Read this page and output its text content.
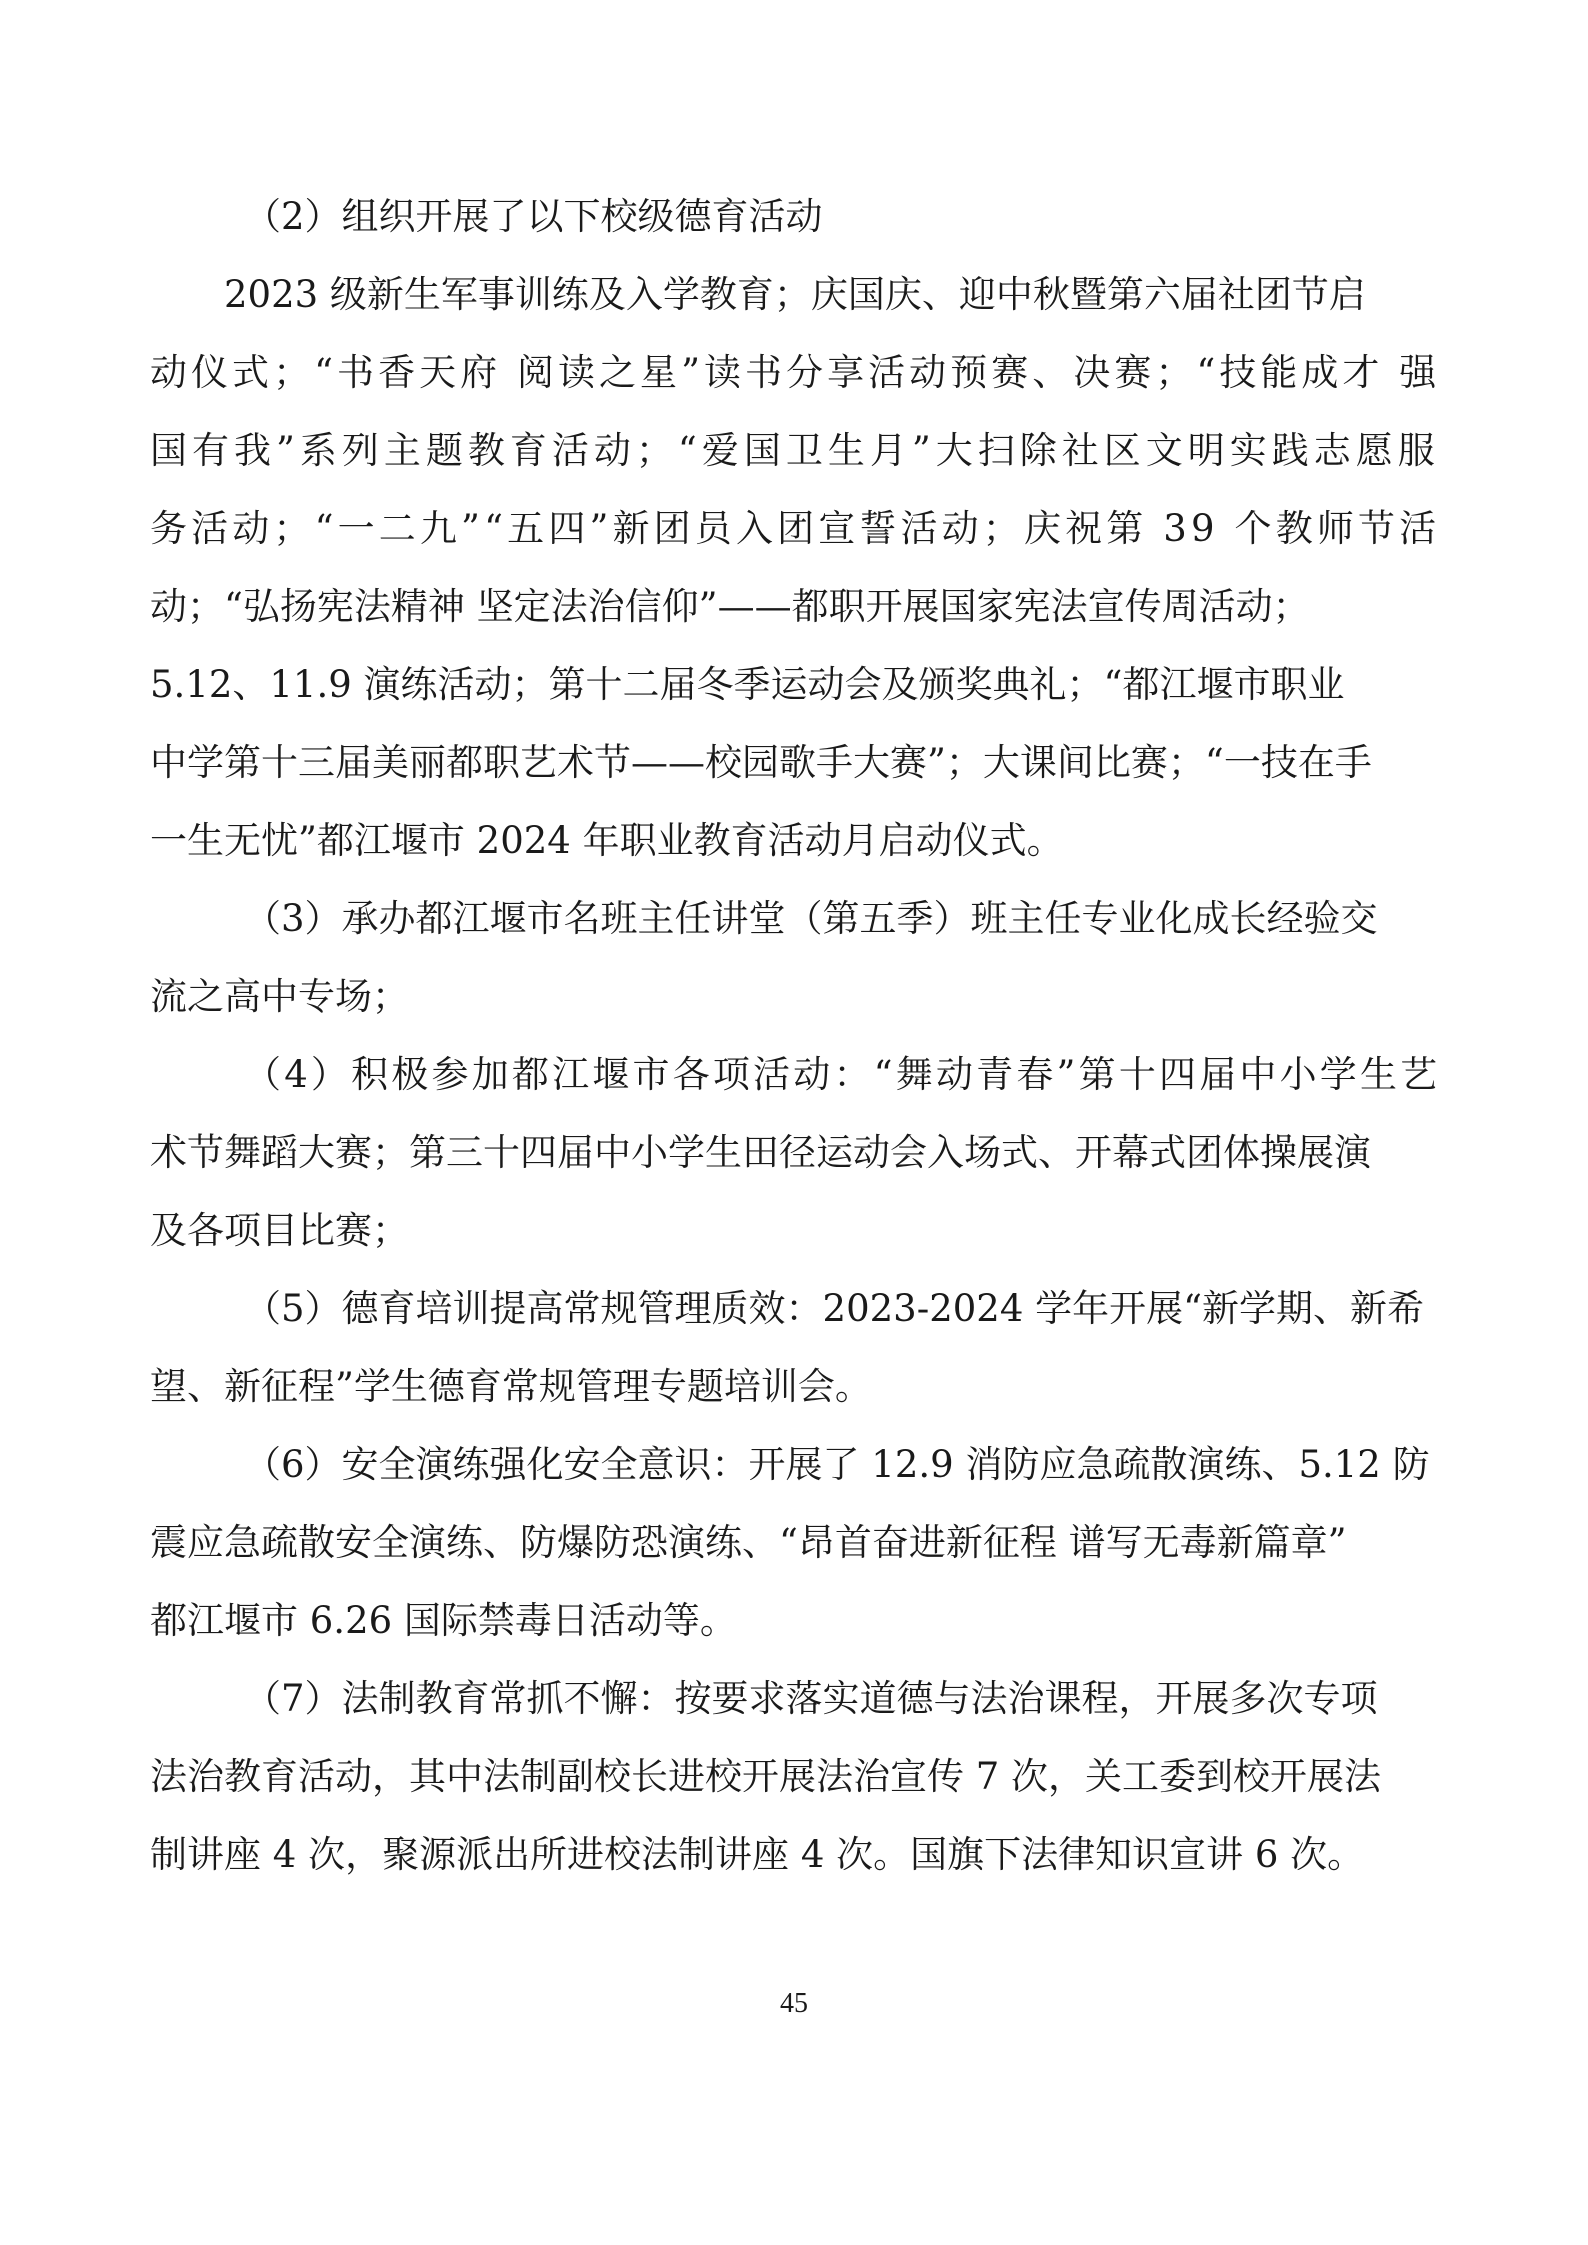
（2）组织开展了以下校级德育活动
2023 级新生军事训练及入学教育；庆国庆、迎中秋暨第六届社团节启
动仪式；“书香天府 阅读之星”读书分享活动预赛、决赛；“技能成才 强
国有我”系列主题教育活动；“爱国卫生月”大扫除社区文明实践志愿服
务活动；“一二九”“五四”新团员入团宣誓活动；庆祝第 39 个教师节活
动；“弘扬宪法精神 坚定法治信仰”——都职开展国家宪法宣传周活动；
5.12、11.9 演练活动；第十二届冬季运动会及颁奖典礼；“都江堰市职业
中学第十三届美丽都职艺术节——校园歌手大赛”；大课间比赛；“一技在手
一生无忧”都江堰市 2024 年职业教育活动月启动仪式。
（3）承办都江堰市名班主任讲堂（第五季）班主任专业化成长经验交
流之高中专场；
（4）积极参加都江堰市各项活动：“舞动青春”第十四届中小学生艺
术节舞蹈大赛；第三十四届中小学生田径运动会入场式、开幕式团体操展演
及各项目比赛；
（5）德育培训提高常规管理质效：2023-2024 学年开展“新学期、新希
望、新征程”学生德育常规管理专题培训会。
（6）安全演练强化安全意识：开展了 12.9 消防应急疏散演练、5.12 防
震应急疏散安全演练、防爆防恐演练、“昂首奋进新征程 谱写无毒新篇章”
都江堰市 6.26 国际禁毒日活动等。
（7）法制教育常抓不懈：按要求落实道德与法治课程，开展多次专项
法治教育活动，其中法制副校长进校开展法治宣传 7 次，关工委到校开展法
制讲座 4 次，聚源派出所进校法制讲座 4 次。国旗下法律知识宣讲 6 次。
45
